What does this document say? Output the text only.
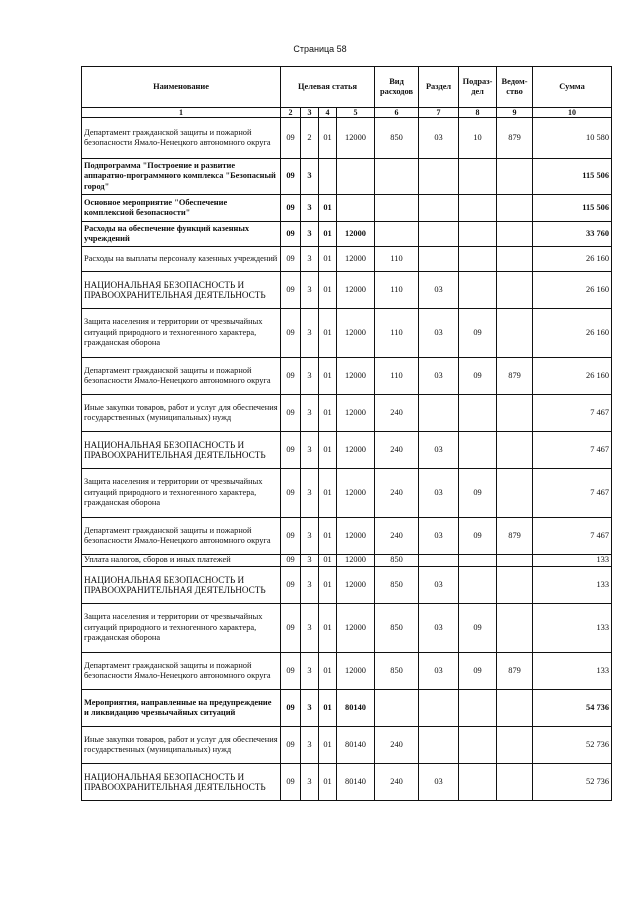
Страница 58
Наименование	Целевая статья				Вид расходов	Раздел	Подраз-дел	Ведом-ство	Сумма
1	2	3	4	5	6	7	8	9	10
Департамент гражданской защиты и пожарной безопасности Ямало-Ненецкого автономного округа	09	2	01	12000	850	03	10	879	10 580
Подпрограмма "Построение и развитие аппаратно-программного комплекса "Безопасный город"	09	3							115 506
Основное мероприятие "Обеспечение комплексной безопасности"	09	3	01						115 506
Расходы на обеспечение функций казенных учреждений	09	3	01	12000					33 760
Расходы на выплаты персоналу казенных учреждений	09	3	01	12000	110				26 160
НАЦИОНАЛЬНАЯ БЕЗОПАСНОСТЬ И ПРАВООХРАНИТЕЛЬНАЯ ДЕЯТЕЛЬНОСТЬ	09	3	01	12000	110	03			26 160
Защита населения и территории от чрезвычайных ситуаций природного и техногенного характера, гражданская оборона	09	3	01	12000	110	03	09		26 160
Департамент гражданской защиты и пожарной безопасности Ямало-Ненецкого автономного округа	09	3	01	12000	110	03	09	879	26 160
Иные закупки товаров, работ и услуг для обеспечения государственных (муниципальных) нужд	09	3	01	12000	240				7 467
НАЦИОНАЛЬНАЯ БЕЗОПАСНОСТЬ И ПРАВООХРАНИТЕЛЬНАЯ ДЕЯТЕЛЬНОСТЬ	09	3	01	12000	240	03			7 467
Защита населения и территории от чрезвычайных ситуаций природного и техногенного характера, гражданская оборона	09	3	01	12000	240	03	09		7 467
Департамент гражданской защиты и пожарной безопасности Ямало-Ненецкого автономного округа	09	3	01	12000	240	03	09	879	7 467
Уплата налогов, сборов и иных платежей	09	3	01	12000	850				133
НАЦИОНАЛЬНАЯ БЕЗОПАСНОСТЬ И ПРАВООХРАНИТЕЛЬНАЯ ДЕЯТЕЛЬНОСТЬ	09	3	01	12000	850	03			133
Защита населения и территории от чрезвычайных ситуаций природного и техногенного характера, гражданская оборона	09	3	01	12000	850	03	09		133
Департамент гражданской защиты и пожарной безопасности Ямало-Ненецкого автономного округа	09	3	01	12000	850	03	09	879	133
Мероприятия, направленные на предупреждение и ликвидацию чрезвычайных ситуаций	09	3	01	80140					54 736
Иные закупки товаров, работ и услуг для обеспечения государственных (муниципальных) нужд	09	3	01	80140	240				52 736
НАЦИОНАЛЬНАЯ БЕЗОПАСНОСТЬ И ПРАВООХРАНИТЕЛЬНАЯ ДЕЯТЕЛЬНОСТЬ	09	3	01	80140	240	03			52 736
